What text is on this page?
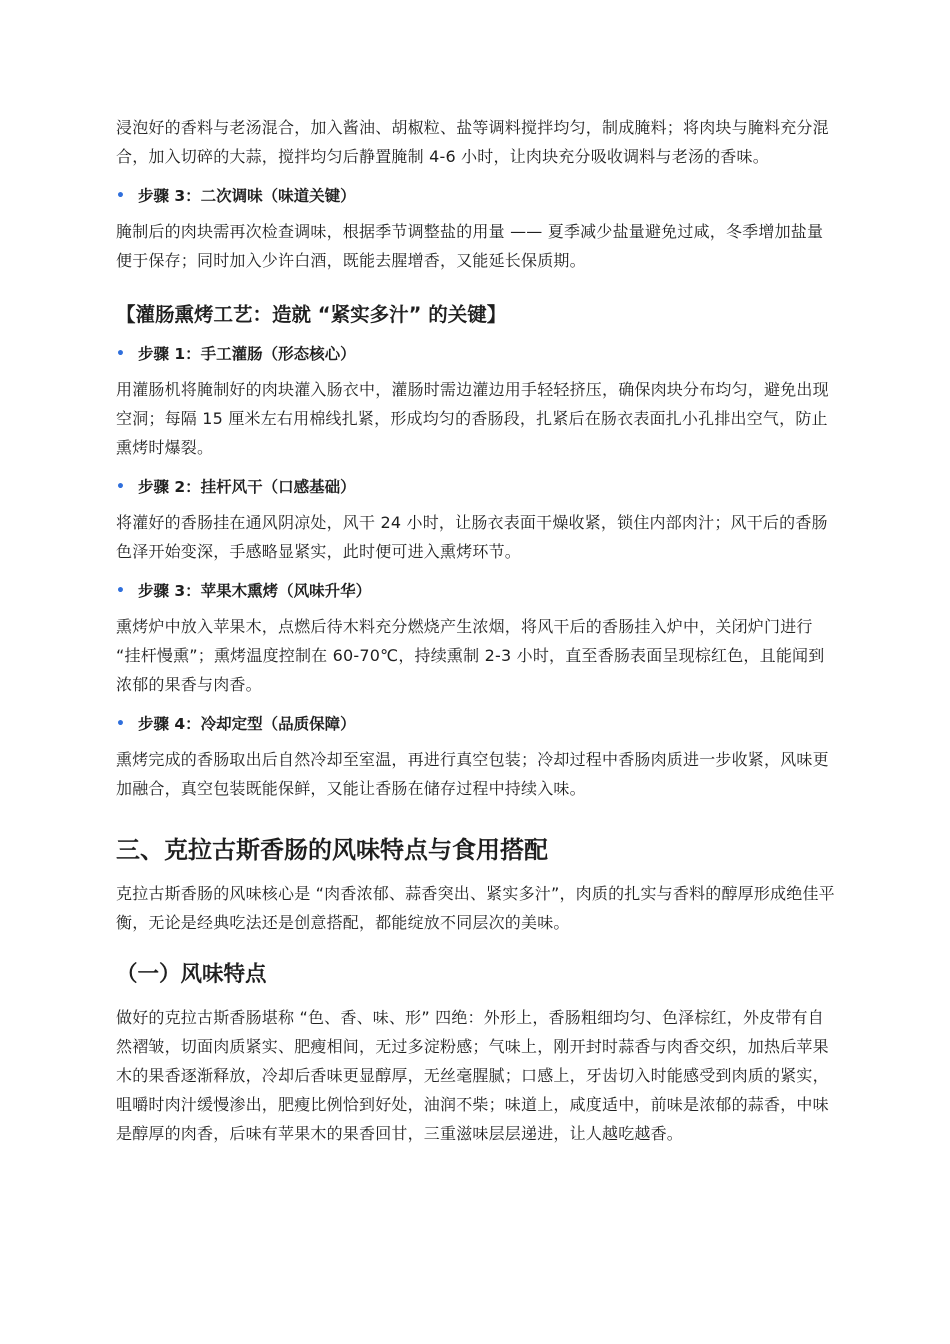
浸泡好的香料与老汤混合，加入酱油、胡椒粒、盐等调料搅拌均匀，制成腌料；将肉块与腌料充分混合，加入切碎的大蒜，搅拌均匀后静置腌制 4-6 小时，让肉块充分吸收调料与老汤的香味。

• 步骤 3：二次调味（味道关键）

腌制后的肉块需再次检查调味，根据季节调整盐的用量 —— 夏季减少盐量避免过咸，冬季增加盐量便于保存；同时加入少许白酒，既能去腥增香，又能延长保质期。

【灌肠熏烤工艺：造就 “紧实多汁” 的关键】

• 步骤 1：手工灌肠（形态核心）

用灌肠机将腌制好的肉块灌入肠衣中，灌肠时需边灌边用手轻轻挤压，确保肉块分布均匀，避免出现空洞；每隔 15 厘米左右用棉线扎紧，形成均匀的香肠段，扎紧后在肠衣表面扎小孔排出空气，防止熏烤时爆裂。

• 步骤 2：挂杆风干（口感基础）

将灌好的香肠挂在通风阴凉处，风干 24 小时，让肠衣表面干燥收紧，锁住内部肉汁；风干后的香肠色泽开始变深，手感略显紧实，此时便可进入熏烤环节。

• 步骤 3：苹果木熏烤（风味升华）

熏烤炉中放入苹果木，点燃后待木料充分燃烧产生浓烟，将风干后的香肠挂入炉中，关闭炉门进行 “挂杆慢熏”；熏烤温度控制在 60-70℃，持续熏制 2-3 小时，直至香肠表面呈现棕红色，且能闻到浓郁的果香与肉香。

• 步骤 4：冷却定型（品质保障）

熏烤完成的香肠取出后自然冷却至室温，再进行真空包装；冷却过程中香肠肉质进一步收紧，风味更加融合，真空包装既能保鲜，又能让香肠在储存过程中持续入味。

三、克拉古斯香肠的风味特点与食用搭配

克拉古斯香肠的风味核心是 “肉香浓郁、蒜香突出、紧实多汁”，肉质的扎实与香料的醇厚形成绝佳平衡，无论是经典吃法还是创意搭配，都能绽放不同层次的美味。

（一）风味特点

做好的克拉古斯香肠堪称 “色、香、味、形” 四绝：外形上，香肠粗细均匀、色泽棕红，外皮带有自然褶皱，切面肉质紧实、肥瘦相间，无过多淀粉感；气味上，刚开封时蒜香与肉香交织，加热后苹果木的果香逐渐释放，冷却后香味更显醇厚，无丝毫腥腻；口感上，牙齿切入时能感受到肉质的紧实，咀嚼时肉汁缓慢渗出，肥瘦比例恰到好处，油润不柴；味道上，咸度适中，前味是浓郁的蒜香，中味是醇厚的肉香，后味有苹果木的果香回甘，三重滋味层层递进，让人越吃越香。
